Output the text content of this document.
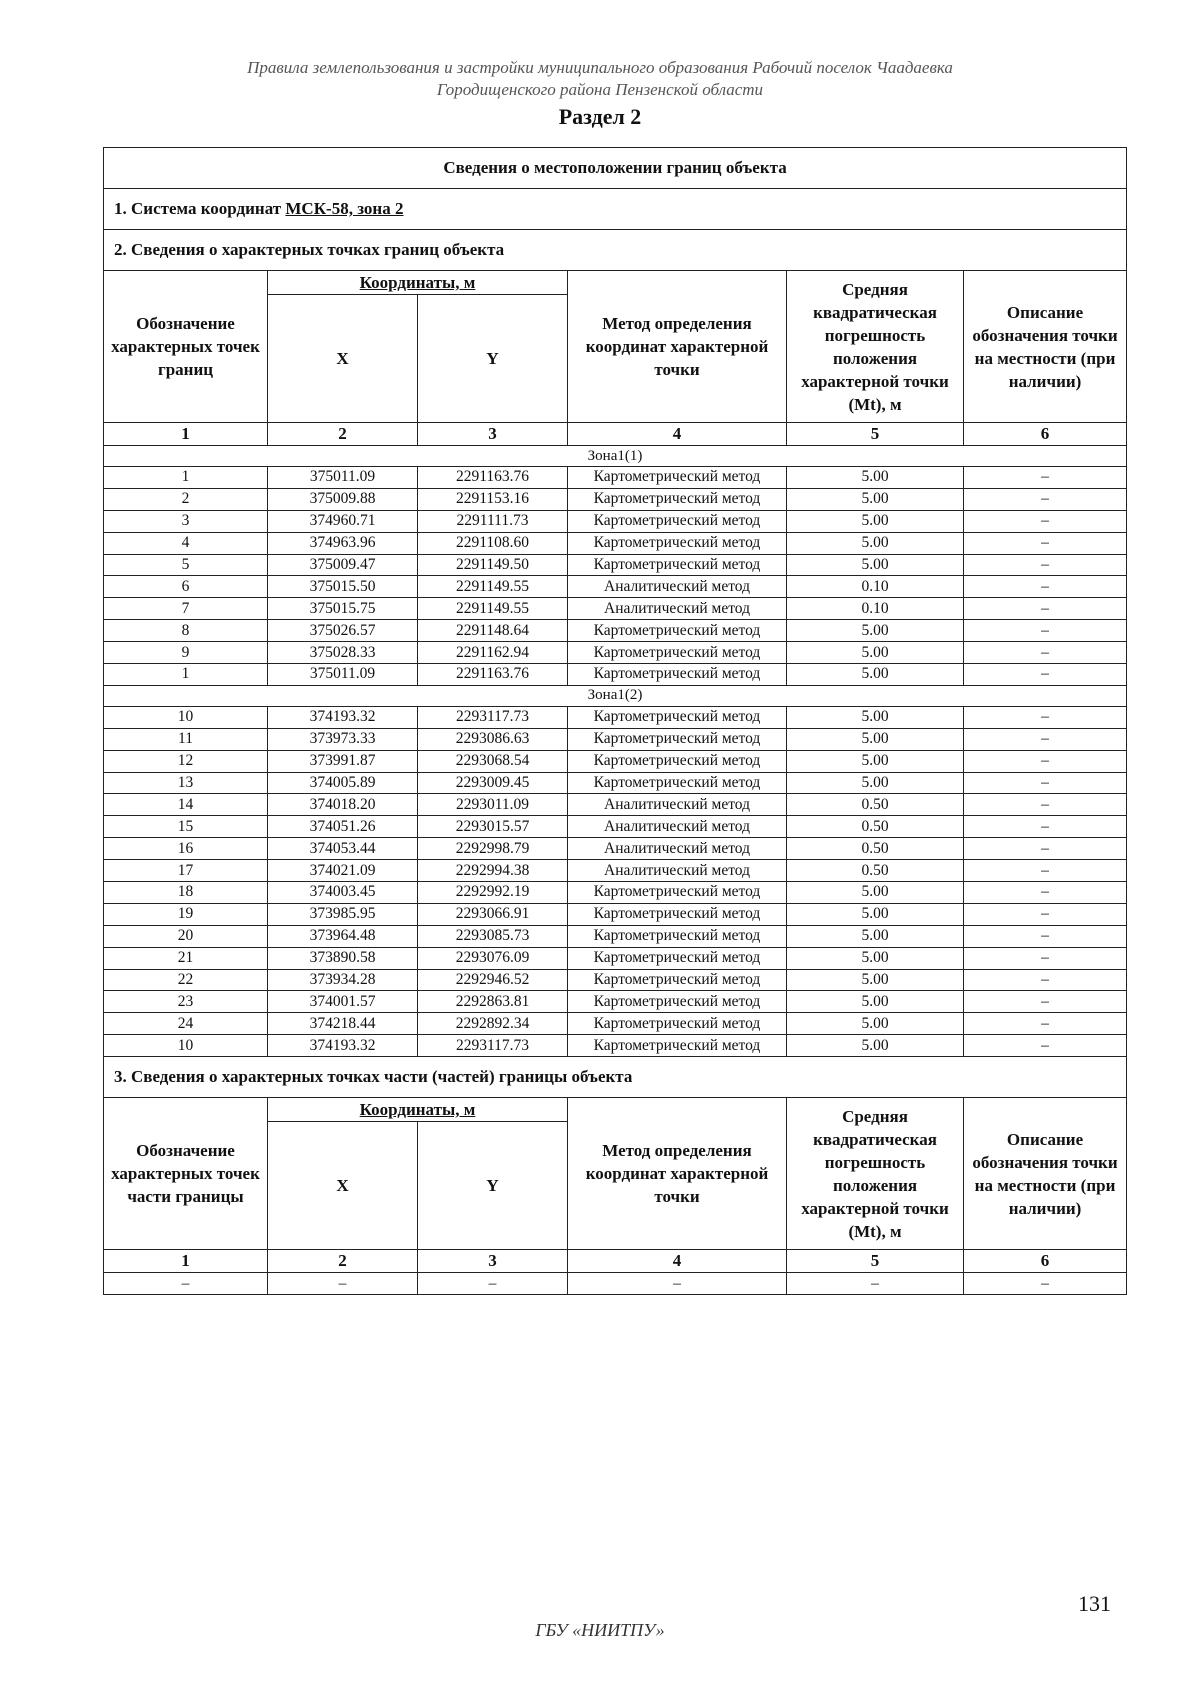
Правила землепользования и застройки муниципального образования Рабочий поселок Чаадаевка
Городищенского района Пензенской области
Раздел 2
Сведения о местоположении границ объекта					
1. Система координат МСК-58, зона 2					
2. Сведения о характерных точках границ объекта					
Обозначение характерных точек границ	Координаты, м		Метод определения координат характерной точки	Средняя квадратическая погрешность положения характерной точки (Mt), м	Описание обозначения точки на местности (при наличии)
	X	Y			
1	2	3	4	5	6
Зона1(1)					
1	375011.09	2291163.76	Картометрический метод	5.00	–
2	375009.88	2291153.16	Картометрический метод	5.00	–
3	374960.71	2291111.73	Картометрический метод	5.00	–
4	374963.96	2291108.60	Картометрический метод	5.00	–
5	375009.47	2291149.50	Картометрический метод	5.00	–
6	375015.50	2291149.55	Аналитический метод	0.10	–
7	375015.75	2291149.55	Аналитический метод	0.10	–
8	375026.57	2291148.64	Картометрический метод	5.00	–
9	375028.33	2291162.94	Картометрический метод	5.00	–
1	375011.09	2291163.76	Картометрический метод	5.00	–
Зона1(2)					
10	374193.32	2293117.73	Картометрический метод	5.00	–
11	373973.33	2293086.63	Картометрический метод	5.00	–
12	373991.87	2293068.54	Картометрический метод	5.00	–
13	374005.89	2293009.45	Картометрический метод	5.00	–
14	374018.20	2293011.09	Аналитический метод	0.50	–
15	374051.26	2293015.57	Аналитический метод	0.50	–
16	374053.44	2292998.79	Аналитический метод	0.50	–
17	374021.09	2292994.38	Аналитический метод	0.50	–
18	374003.45	2292992.19	Картометрический метод	5.00	–
19	373985.95	2293066.91	Картометрический метод	5.00	–
20	373964.48	2293085.73	Картометрический метод	5.00	–
21	373890.58	2293076.09	Картометрический метод	5.00	–
22	373934.28	2292946.52	Картометрический метод	5.00	–
23	374001.57	2292863.81	Картометрический метод	5.00	–
24	374218.44	2292892.34	Картометрический метод	5.00	–
10	374193.32	2293117.73	Картометрический метод	5.00	–
3. Сведения о характерных точках части (частей) границы объекта					
Обозначение характерных точек части границы	Координаты, м		Метод определения координат характерной точки	Средняя квадратическая погрешность положения характерной точки (Mt), м	Описание обозначения точки на местности (при наличии)
	X	Y			
1	2	3	4	5	6
–	–	–	–	–	–
131
ГБУ «НИИТПУ»
